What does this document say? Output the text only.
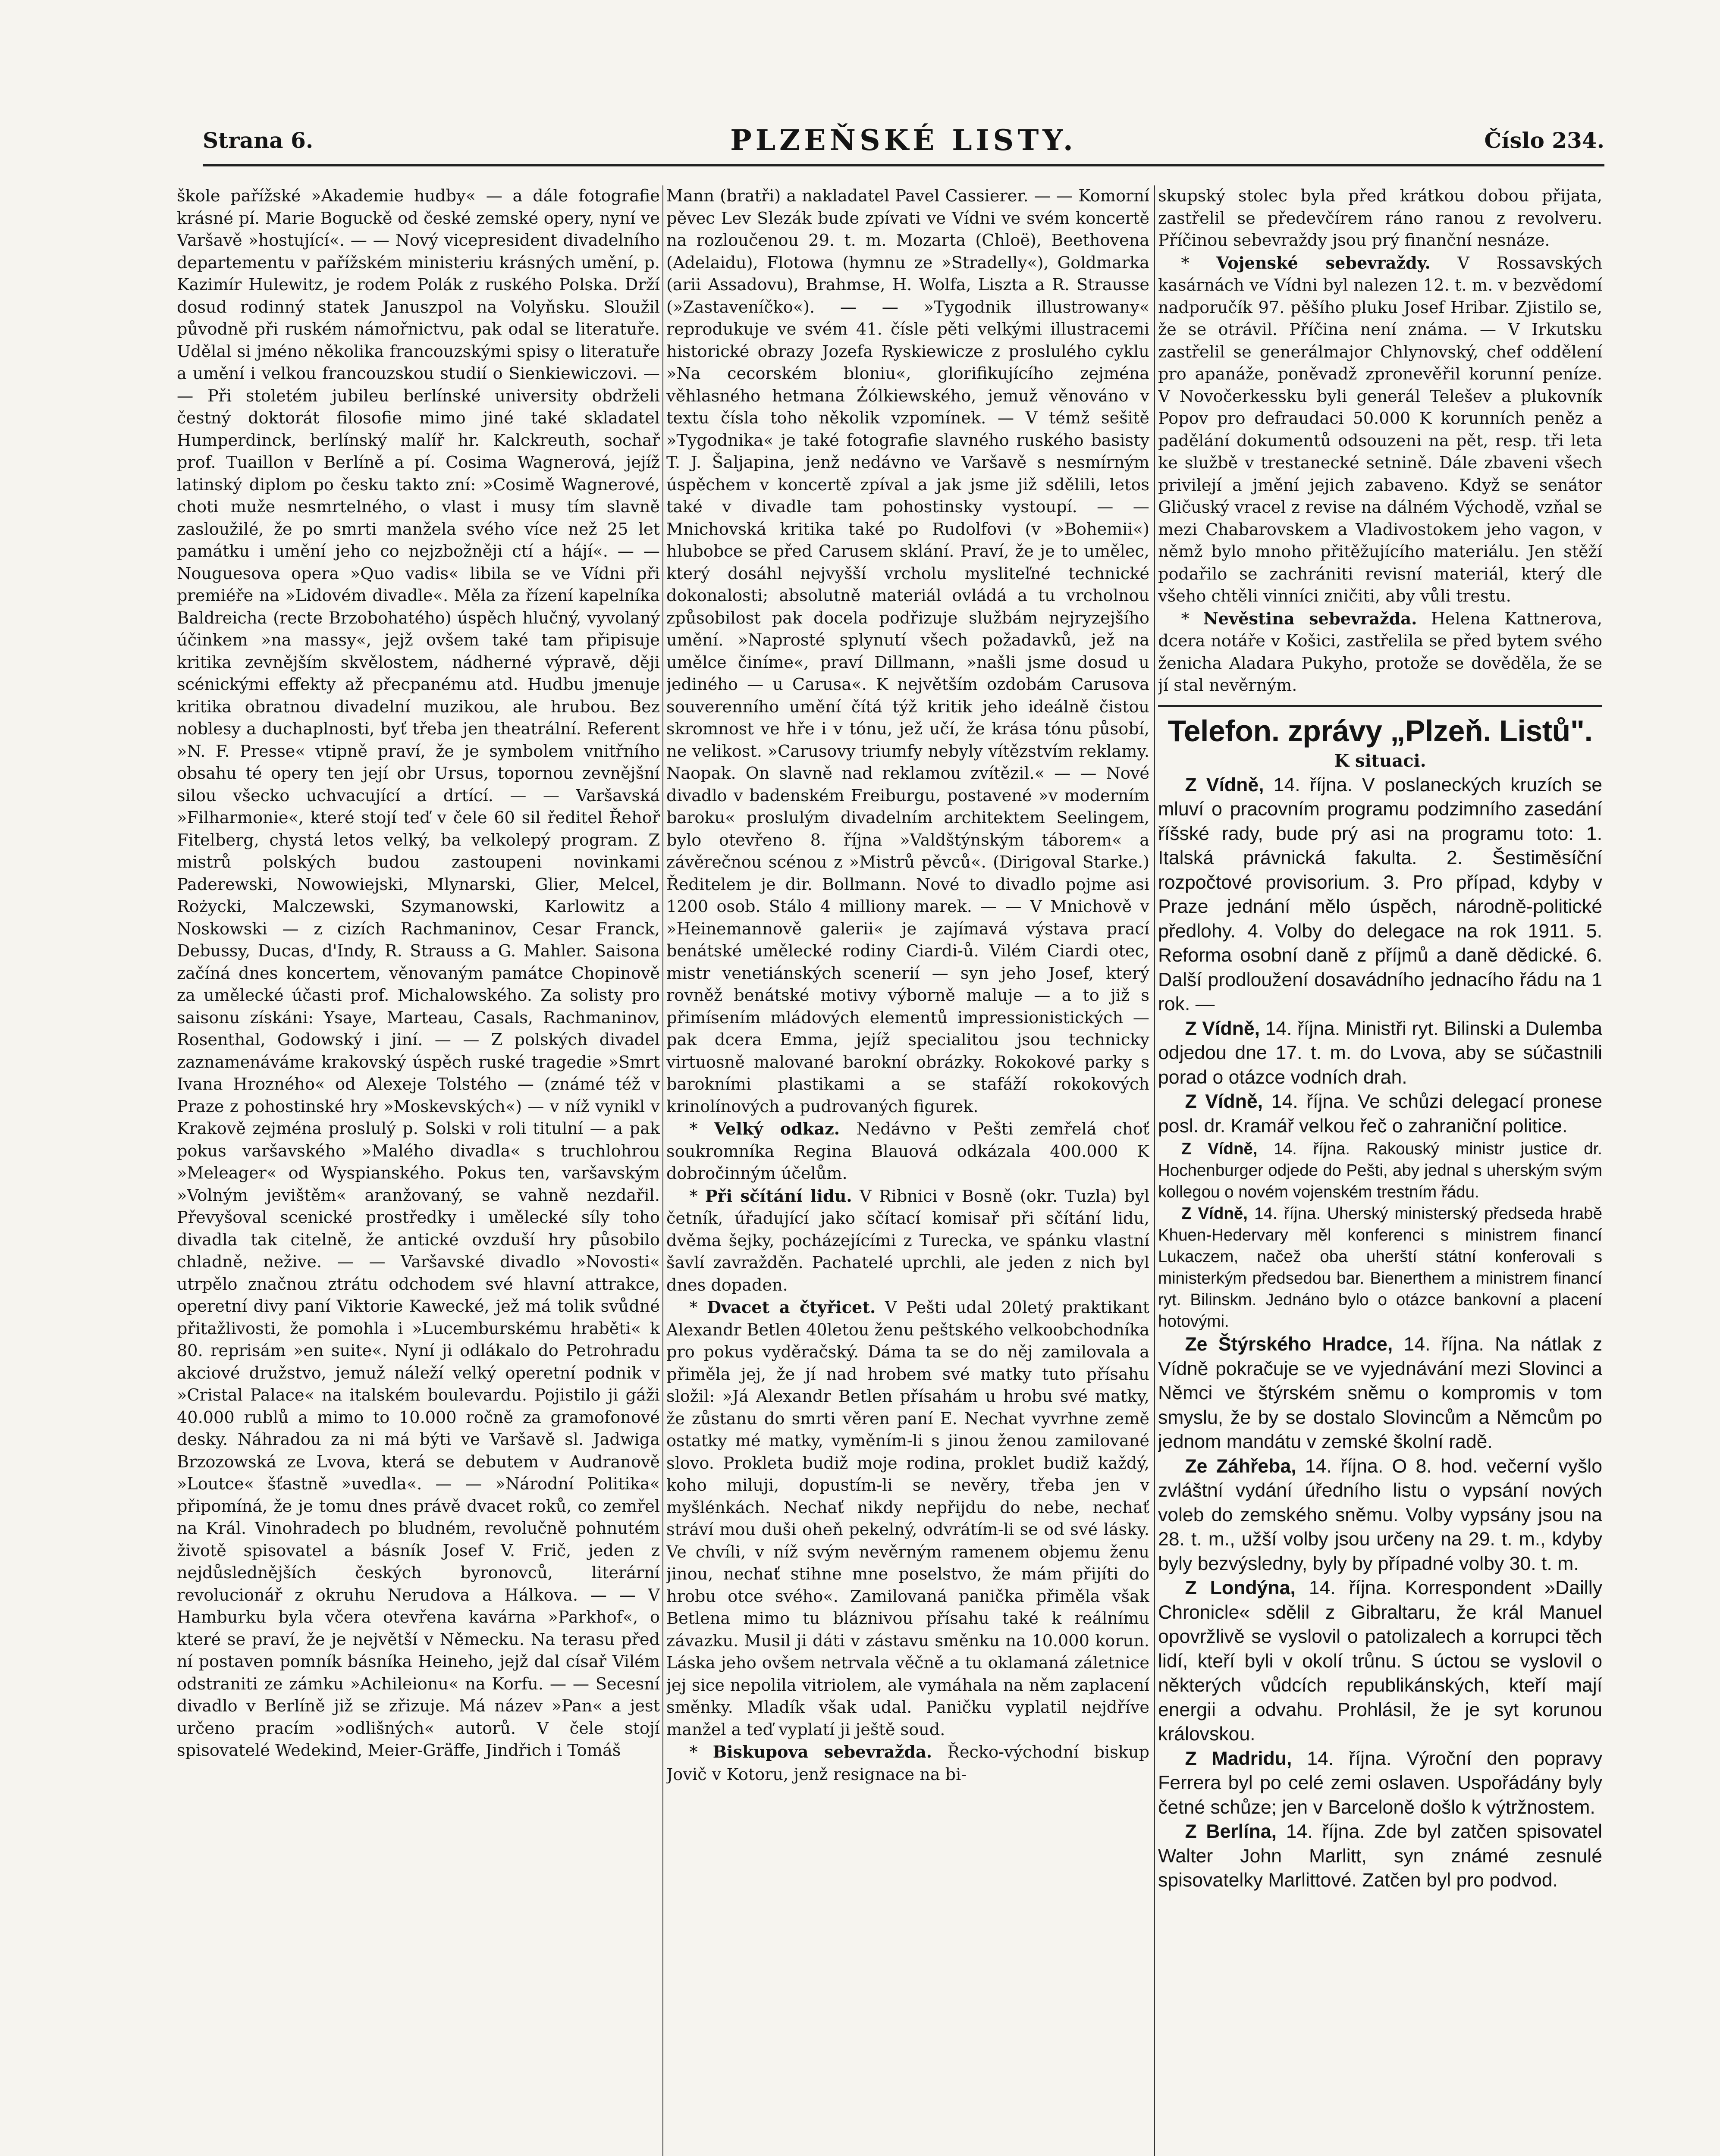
Strana 6.	PLZEŇSKÉ LISTY.	Číslo 234.

škole pařížské »Akademie hudby« — a dále fotografie krásné pí. Marie Boguckě od české zemské opery, nyní ve Varšavě »hostující«. — — Nový vicepresident divadelního departementu v pařížském ministeriu krásných umění, p. Kazimír Hulewitz, je rodem Polák z ruského Polska. Drží dosud rodinný statek Januszpol na Volyňsku. Sloužil původně při ruském námořnictvu, pak odal se literatuře. Udělal si jméno několika francouzskými spisy o literatuře a umění i velkou francouzskou studií o Sienkiewiczovi. — — Při stoletém jubileu berlínské university obdrželi čestný doktorát filosofie mimo jiné také skladatel Humperdinck, berlínský malíř hr. Kalckreuth, sochař prof. Tuaillon v Berlíně a pí. Cosima Wagnerová, jejíž latinský diplom po česku takto zní: »Cosimě Wagnerové, choti muže nesmrtelného, o vlast i musy tím slavně zasloužilé, že po smrti manžela svého více než 25 let památku i umění jeho co nejzbožněji ctí a hájí«. — — Nouguesova opera »Quo vadis« libila se ve Vídni při premiéře na »Lidovém divadle«. Měla za řízení kapelníka Baldreicha (recte Brzobohatého) úspěch hlučný, vyvolaný účinkem »na massy«, jejž ovšem také tam připisuje kritika zevnějším skvělostem, nádherné výpravě, ději scénickými effekty až přecpanému atd. Hudbu jmenuje kritika obratnou divadelní muzikou, ale hrubou. Bez noblesy a duchaplnosti, byť třeba jen theatrální. Referent »N. F. Presse« vtipně praví, že je symbolem vnitřního obsahu té opery ten její obr Ursus, topornou zevnějšní silou všecko uchvacující a drtící. — — Varšavská »Filharmonie«, které stojí teď v čele 60 sil ředitel Řehoř Fitelberg, chystá letos velký, ba velkolepý program. Z mistrů polských budou zastoupeni novinkami Paderewski, Nowowiejski, Mlynarski, Glier, Melcel, Rożycki, Malczewski, Szymanowski, Karlowitz a Noskowski — z cizích Rachmaninov, Cesar Franck, Debussy, Ducas, d'Indy, R. Strauss a G. Mahler. Saisona začíná dnes koncertem, věnovaným památce Chopinově za umělecké účasti prof. Michalowského. Za solisty pro saisonu získáni: Ysaye, Marteau, Casals, Rachmaninov, Rosenthal, Godowský i jiní. — — Z polských divadel zaznamenáváme krakovský úspěch ruské tragedie »Smrt Ivana Hrozného« od Alexeje Tolstého — (známé též v Praze z pohostinské hry »Moskevských«) — v níž vynikl v Krakově zejména proslulý p. Solski v roli titulní — a pak pokus varšavského »Malého divadla« s truchlohrou »Meleager« od Wyspianského. Pokus ten, varšavským »Volným jevištěm« aranžovaný, se vahně nezdařil. Převyšoval scenické prostředky i umělecké síly toho divadla tak citelně, že antické ovzduší hry působilo chladně, nežive. — — Varšavské divadlo »Novosti« utrpělo značnou ztrátu odchodem své hlavní attrakce, operetní divy paní Viktorie Kawecké, jež má tolik svůdné přitažlivosti, že pomohla i »Lucemburskému hraběti« k 80. reprisám »en suite«. Nyní ji odlákalo do Petrohradu akciové družstvo, jemuž náleží velký operetní podnik v »Cristal Palace« na italském boulevardu. Pojistilo ji gáži 40.000 rublů a mimo to 10.000 ročně za gramofonové desky. Náhradou za ni má býti ve Varšavě sl. Jadwiga Brzozowská ze Lvova, která se debutem v Audranově »Loutce« šťastně »uvedla«. — — »Národní Politika« připomíná, že je tomu dnes právě dvacet roků, co zemřel na Král. Vinohradech po bludném, revolučně pohnutém životě spisovatel a básník Josef V. Frič, jeden z nejdůslednějších českých byronovců, literární revolucionář z okruhu Nerudova a Hálkova. — — V Hamburku byla včera otevřena kavárna »Parkhof«, o které se praví, že je největší v Německu. Na terasu před ní postaven pomník básníka Heineho, jejž dal císař Vilém odstraniti ze zámku »Achileionu« na Korfu. — — Secesní divadlo v Berlíně již se zřizuje. Má název »Pan« a jest určeno pracím »odlišných« autorů. V čele stojí spisovatelé Wedekind, Meier-Gräffe, Jindřich i Tomáš

Mann (bratři) a nakladatel Pavel Cassierer. — — Komorní pěvec Lev Slezák bude zpívati ve Vídni ve svém koncertě na rozloučenou 29. t. m. Mozarta (Chloë), Beethovena (Adelaidu), Flotowa (hymnu ze »Stradelly«), Goldmarka (arii Assadovu), Brahmse, H. Wolfa, Liszta a R. Strausse (»Zastaveníčko«). — — »Tygodnik illustrowany« reprodukuje ve svém 41. čísle pěti velkými illustracemi historické obrazy Jozefa Ryskiewicze z proslulého cyklu »Na cecorském bloniu«, glorifikujícího zejména věhlasného hetmana Żólkiewského, jemuž věnováno v textu čísla toho několik vzpomínek. — V témž sešitě »Tygodnika« je také fotografie slavného ruského basisty T. J. Šaljapina, jenž nedávno ve Varšavě s nesmírným úspěchem v koncertě zpíval a jak jsme již sdělili, letos také v divadle tam pohostinsky vystoupí. — — Mnichovská kritika také po Rudolfovi (v »Bohemii«) hlubobce se před Carusem sklání. Praví, že je to umělec, který dosáhl nejvyšší vrcholu mysliteľné technické dokonalosti; absolutně materiál ovládá a tu vrcholnou způsobilost pak docela podřizuje službám nejryzejšího umění. »Naprosté splynutí všech požadavků, jež na umělce činíme«, praví Dillmann, »našli jsme dosud u jediného — u Carusa«. K největším ozdobám Carusova souverenního umění čítá týž kritik jeho ideálně čistou skromnost ve hře i v tónu, jež učí, že krása tónu působí, ne velikost. »Carusovy triumfy nebyly vítězstvím reklamy. Naopak. On slavně nad reklamou zvítězil.« — — Nové divadlo v badenském Freiburgu, postavené »v moderním baroku« proslulým divadelním architektem Seelingem, bylo otevřeno 8. října »Valdštýnským táborem« a závěrečnou scénou z »Mistrů pěvců«. (Dirigoval Starke.) Ředitelem je dir. Bollmann. Nové to divadlo pojme asi 1200 osob. Stálo 4 milliony marek. — — V Mnichově v »Heinemannově galerii« je zajímavá výstava prací benátské umělecké rodiny Ciardi-ů. Vilém Ciardi otec, mistr venetiánských scenerií — syn jeho Josef, který rovněž benátské motivy výborně maluje — a to již s přimísením mládových elementů impressionistických — pak dcera Emma, jejíž specialitou jsou technicky virtuosně malované barokní obrázky. Rokokové parky s barokními plastikami a se stafáží rokokových krinolínových a pudrovaných figurek.

* Velký odkaz. Nedávno v Pešti zemřelá choť soukromníka Regina Blauová odkázala 400.000 K dobročinným účelům.

* Při sčítání lidu. V Ribnici v Bosně (okr. Tuzla) byl četník, úřadující jako sčítací komisař při sčítání lidu, dvěma šejky, pocházejícími z Turecka, ve spánku vlastní šavlí zavražděn. Pachatelé uprchli, ale jeden z nich byl dnes dopaden.

* Dvacet a čtyřicet. V Pešti udal 20letý praktikant Alexandr Betlen 40letou ženu peštského velkoobchodníka pro pokus vyděračský. Dáma ta se do něj zamilovala a přiměla jej, že jí nad hrobem své matky tuto přísahu složil: »Já Alexandr Betlen přísahám u hrobu své matky, že zůstanu do smrti věren paní E. Nechat vyvrhne země ostatky mé matky, vyměním-li s jinou ženou zamilované slovo. Prokleta budiž moje rodina, proklet budiž každý, koho miluji, dopustím-li se nevěry, třeba jen v myšlénkách. Nechať nikdy nepřijdu do nebe, nechať stráví mou duši oheň pekelný, odvrátím-li se od své lásky. Ve chvíli, v níž svým nevěrným ramenem objemu ženu jinou, nechať stihne mne poselstvo, že mám přijíti do hrobu otce svého«. Zamilovaná panička přiměla však Betlena mimo tu bláznivou přísahu také k reálnímu závazku. Musil ji dáti v zástavu směnku na 10.000 korun. Láska jeho ovšem netrvala věčně a tu oklamaná záletnice jej sice nepolila vitriolem, ale vymáhala na něm zaplacení směnky. Mladík však udal. Paničku vyplatil nejdříve manžel a teď vyplatí ji ještě soud.

* Biskupova sebevražda. Řecko-východní biskup Jovič v Kotoru, jenž resignace na bi-

skupský stolec byla před krátkou dobou přijata, zastřelil se předevčírem ráno ranou z revolveru. Příčinou sebevraždy jsou prý finanční nesnáze.

* Vojenské sebevraždy. V Rossavských kasárnách ve Vídni byl nalezen 12. t. m. v bezvědomí nadporučík 97. pěšího pluku Josef Hribar. Zjistilo se, že se otrávil. Příčina není známa. — V Irkutsku zastřelil se generálmajor Chlynovský, chef oddělení pro apanáže, poněvadž zpronevěřil korunní peníze. V Novočerkessku byli generál Telešev a plukovník Popov pro defraudaci 50.000 K korunních peněz a padělání dokumentů odsouzeni na pět, resp. tři leta ke službě v trestanecké setnině. Dále zbaveni všech privilejí a jmění jejich zabaveno. Když se senátor Gličuský vracel z revise na dálném Východě, vzňal se mezi Chabarovskem a Vladivostokem jeho vagon, v němž bylo mnoho přitěžujícího materiálu. Jen stěží podařilo se zachrániti revisní materiál, který dle všeho chtěli vinníci zničiti, aby vůli trestu.

* Nevěstina sebevražda. Helena Kattnerova, dcera notáře v Košici, zastřelila se před bytem svého ženicha Aladara Pukyho, protože se dověděla, že se jí stal nevěrným.

Telefon. zprávy „Plzeň. Listů".
K situaci.

Z Vídně, 14. října. V poslaneckých kruzích se mluví o pracovním programu podzimního zasedání říšské rady, bude prý asi na programu toto: 1. Italská právnická fakulta. 2. Šestiměsíční rozpočtové provisorium. 3. Pro případ, kdyby v Praze jednání mělo úspěch, národně-politické předlohy. 4. Volby do delegace na rok 1911. 5. Reforma osobní daně z příjmů a daně dědické. 6. Další prodloužení dosavádního jednacího řádu na 1 rok. —

Z Vídně, 14. října. Ministři ryt. Bilinski a Dulemba odjedou dne 17. t. m. do Lvova, aby se súčastnili porad o otázce vodních drah.

Z Vídně, 14. října. Ve schůzi delegací pronese posl. dr. Kramář velkou řeč o zahraniční politice.

Z Vídně, 14. října. Rakouský ministr justice dr. Hochenburger odjede do Pešti, aby jednal s uherským svým kollegou o novém vojenském trestním řádu.

Z Vídně, 14. října. Uherský ministerský předseda hrabě Khuen-Hedervary měl konferenci s ministrem financí Lukaczem, načež oba uherští státní konferovali s ministerkým předsedou bar. Bienerthem a ministrem financí ryt. Bilinskm. Jednáno bylo o otázce bankovní a placení hotovými.

Ze Štýrského Hradce, 14. října. Na nátlak z Vídně pokračuje se ve vyjednávání mezi Slovinci a Němci ve štýrském sněmu o kompromis v tom smyslu, že by se dostalo Slovincům a Němcům po jednom mandátu v zemské školní radě.

Ze Záhřeba, 14. října. O 8. hod. večerní vyšlo zvláštní vydání úředního listu o vypsání nových voleb do zemského sněmu. Volby vypsány jsou na 28. t. m., užší volby jsou určeny na 29. t. m., kdyby byly bezvýsledny, byly by případné volby 30. t. m.

Z Londýna, 14. října. Korrespondent »Dailly Chronicle« sdělil z Gibraltaru, že král Manuel opovržlivě se vyslovil o patolizalech a korrupci těch lidí, kteří byli v okolí trůnu. S úctou se vyslovil o některých vůdcích republikánských, kteří mají energii a odvahu. Prohlásil, že je syt korunou královskou.

Z Madridu, 14. října. Výroční den popravy Ferrera byl po celé zemi oslaven. Uspořádány byly četné schůze; jen v Barceloně došlo k výtržnostem.

Z Berlína, 14. října. Zde byl zatčen spisovatel Walter John Marlitt, syn známé zesnulé spisovatelky Marlittové. Zatčen byl pro podvod.
